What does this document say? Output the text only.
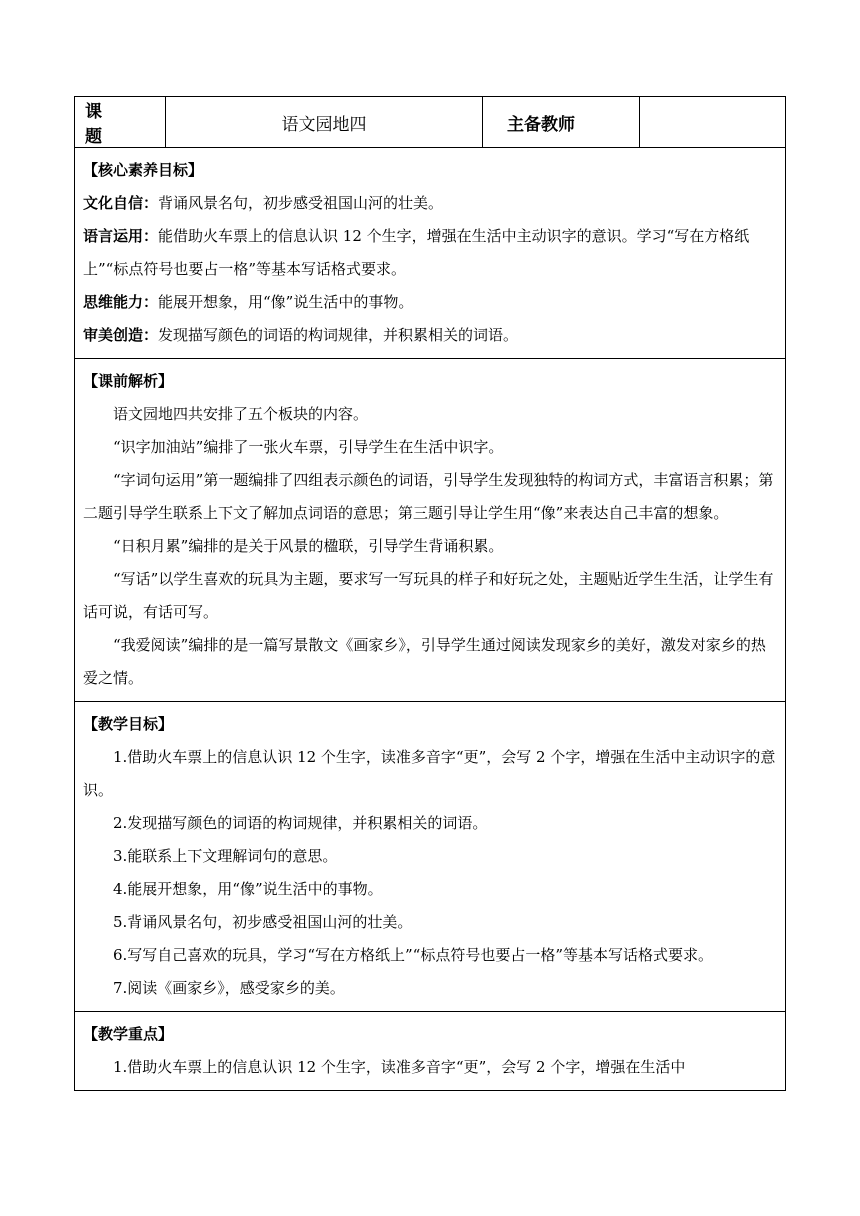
课　题	语文园地四	主备教师	

【核心素养目标】

文化自信：背诵风景名句，初步感受祖国山河的壮美。

语言运用：能借助火车票上的信息认识 12 个生字，增强在生活中主动识字的意识。学习“写在方格纸上”“标点符号也要占一格”等基本写话格式要求。

思维能力：能展开想象，用“像”说生活中的事物。

审美创造：发现描写颜色的词语的构词规律，并积累相关的词语。

【课前解析】

语文园地四共安排了五个板块的内容。

“识字加油站”编排了一张火车票，引导学生在生活中识字。

“字词句运用”第一题编排了四组表示颜色的词语，引导学生发现独特的构词方式，丰富语言积累；第二题引导学生联系上下文了解加点词语的意思；第三题引导让学生用“像”来表达自己丰富的想象。

“日积月累”编排的是关于风景的楹联，引导学生背诵积累。

“写话”以学生喜欢的玩具为主题，要求写一写玩具的样子和好玩之处，主题贴近学生生活，让学生有话可说，有话可写。

“我爱阅读”编排的是一篇写景散文《画家乡》，引导学生通过阅读发现家乡的美好，激发对家乡的热爱之情。

【教学目标】

1.借助火车票上的信息认识 12 个生字，读准多音字“更”，会写 2 个字，增强在生活中主动识字的意识。

2.发现描写颜色的词语的构词规律，并积累相关的词语。

3.能联系上下文理解词句的意思。

4.能展开想象，用“像”说生活中的事物。

5.背诵风景名句，初步感受祖国山河的壮美。

6.写写自己喜欢的玩具，学习“写在方格纸上”“标点符号也要占一格”等基本写话格式要求。

7.阅读《画家乡》，感受家乡的美。

【教学重点】

1.借助火车票上的信息认识 12 个生字，读准多音字“更”，会写 2 个字，增强在生活中
